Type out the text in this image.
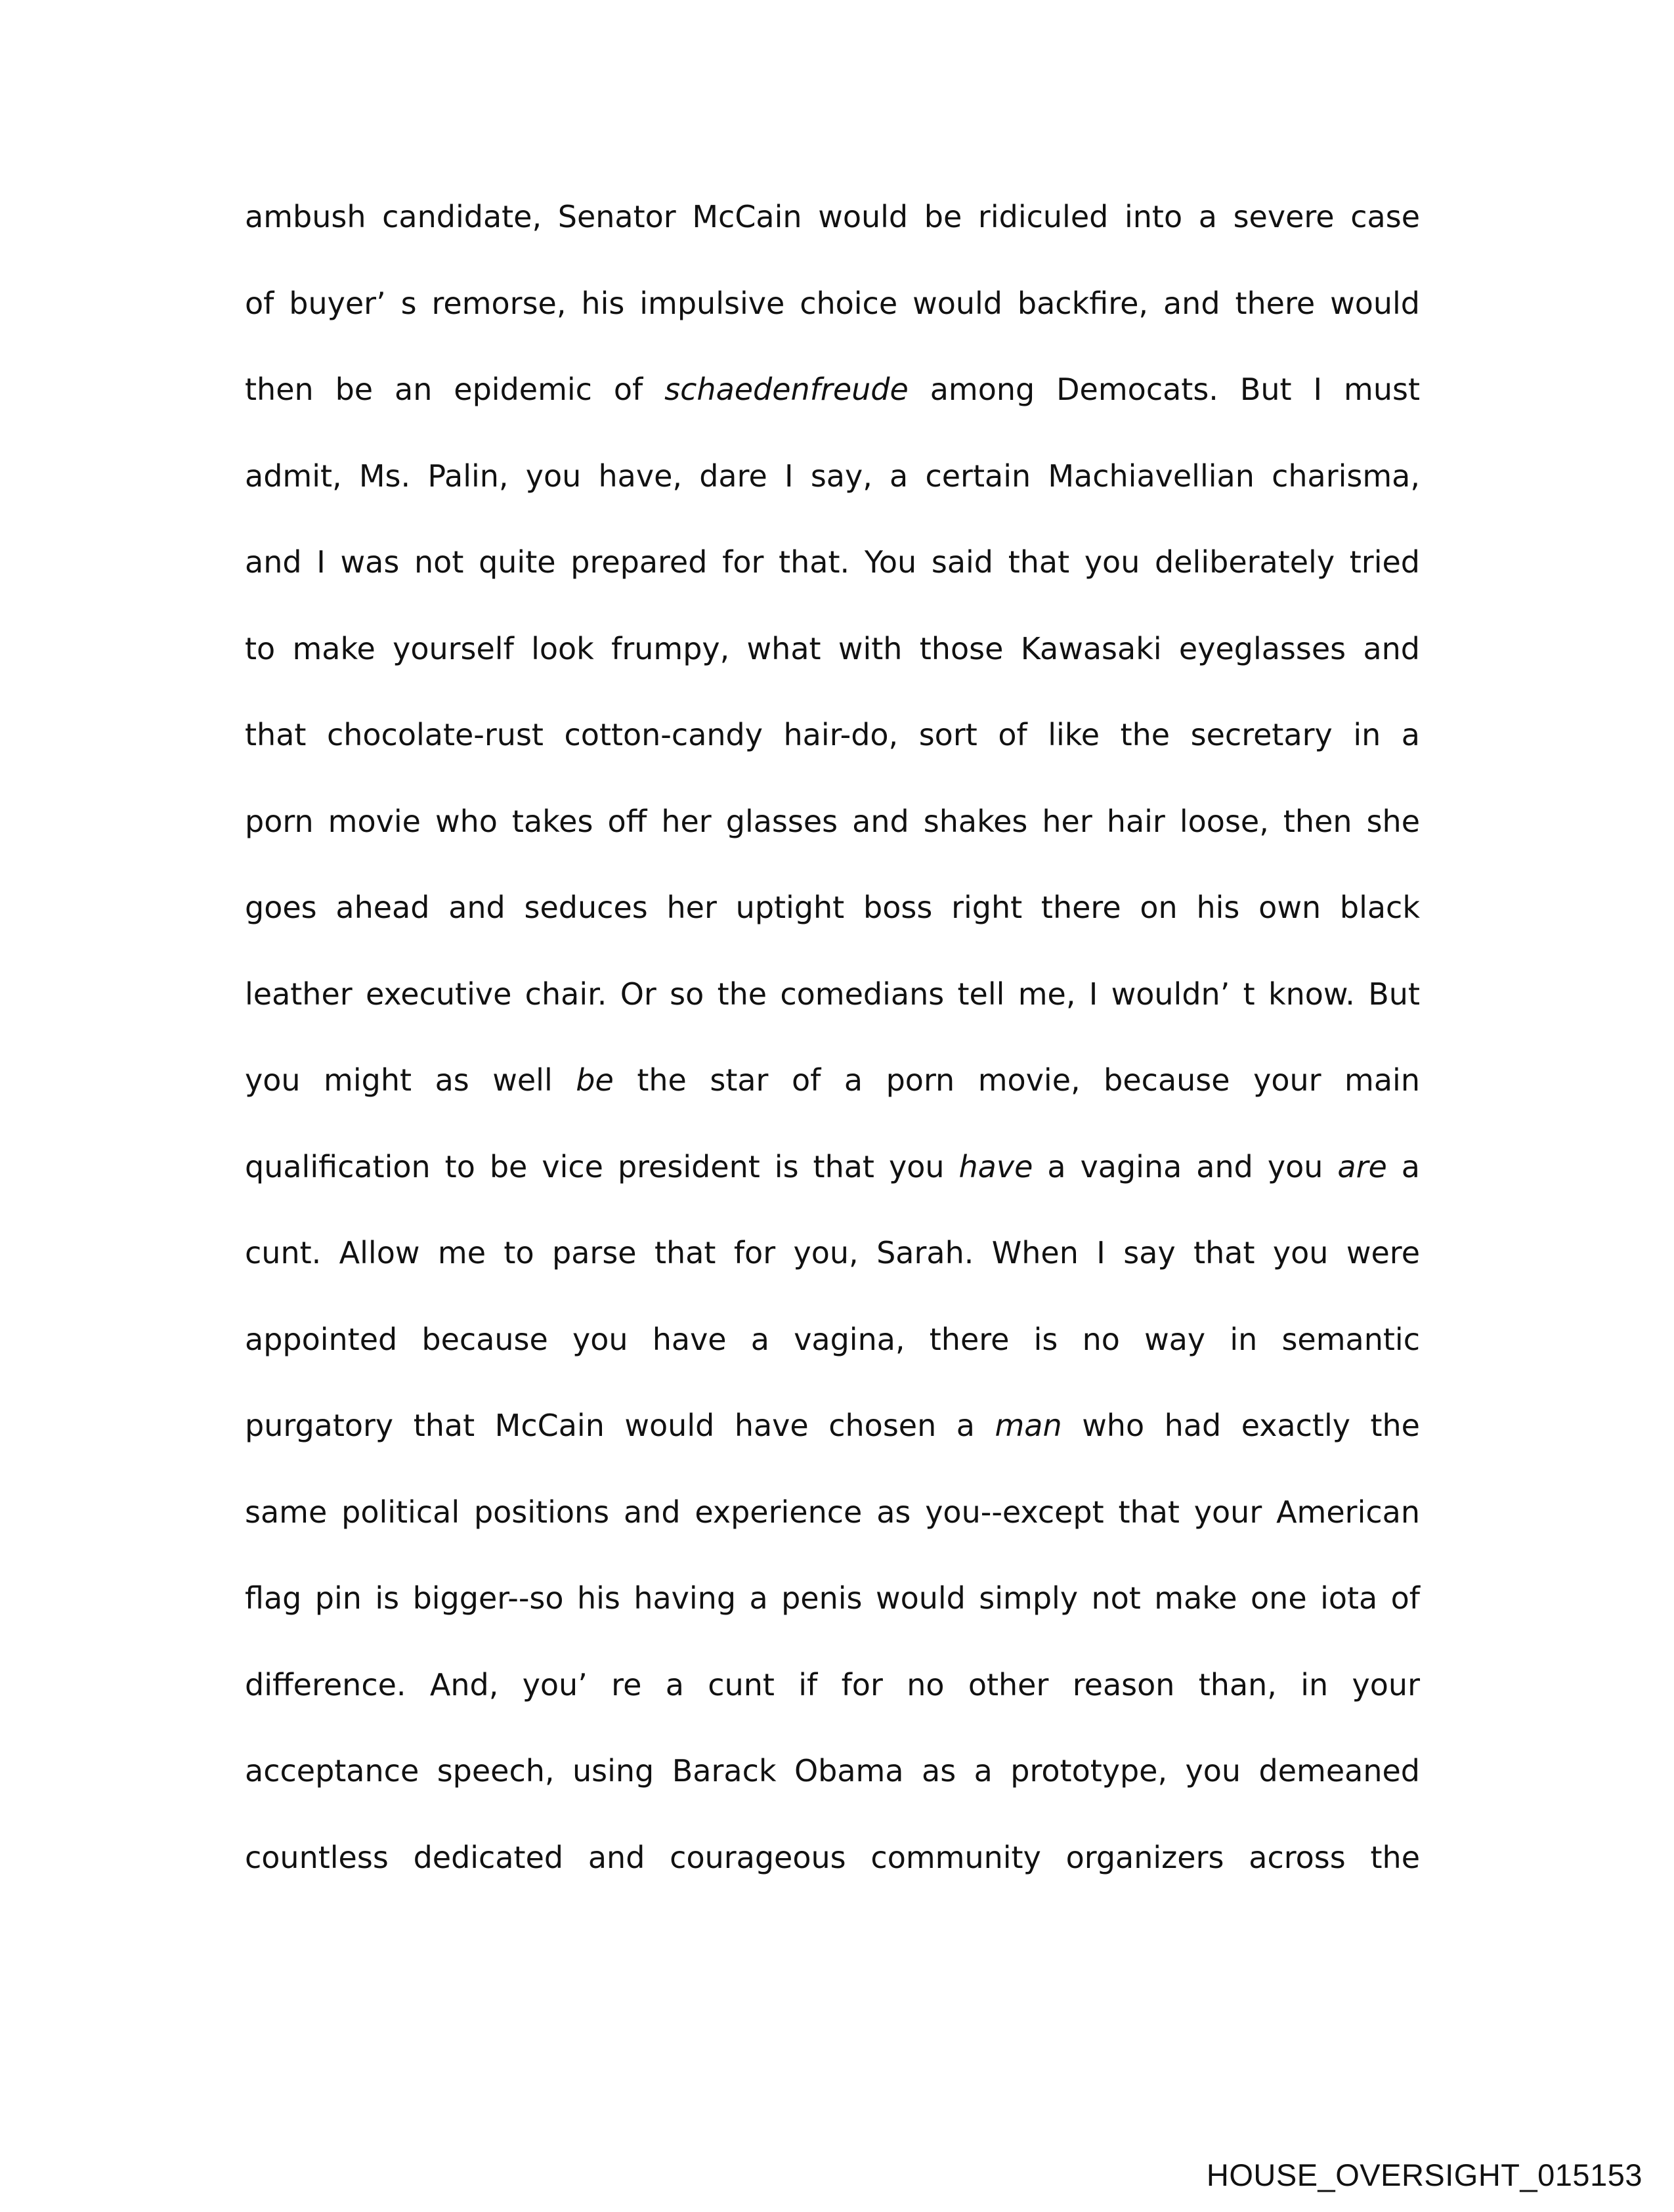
ambush candidate, Senator McCain would be ridiculed into a severe case
of buyer’ s remorse, his impulsive choice would backfire, and there would
then be an epidemic of schaedenfreude among Democats. But I must
admit, Ms. Palin, you have, dare I say, a certain Machiavellian charisma,
and I was not quite prepared for that. You said that you deliberately tried
to make yourself look frumpy, what with those Kawasaki eyeglasses and
that chocolate-rust cotton-candy hair-do, sort of like the secretary in a
porn movie who takes off her glasses and shakes her hair loose, then she
goes ahead and seduces her uptight boss right there on his own black
leather executive chair. Or so the comedians tell me, I wouldn’ t know. But
you might as well be the star of a porn movie, because your main
qualification to be vice president is that you have a vagina and you are a
cunt. Allow me to parse that for you, Sarah. When I say that you were
appointed because you have a vagina, there is no way in semantic
purgatory that McCain would have chosen a man who had exactly the
same political positions and experience as you--except that your American
flag pin is bigger--so his having a penis would simply not make one iota of
difference. And, you’ re a cunt if for no other reason than, in your
acceptance speech, using Barack Obama as a prototype, you demeaned
countless dedicated and courageous community organizers across the
HOUSE_OVERSIGHT_015153
